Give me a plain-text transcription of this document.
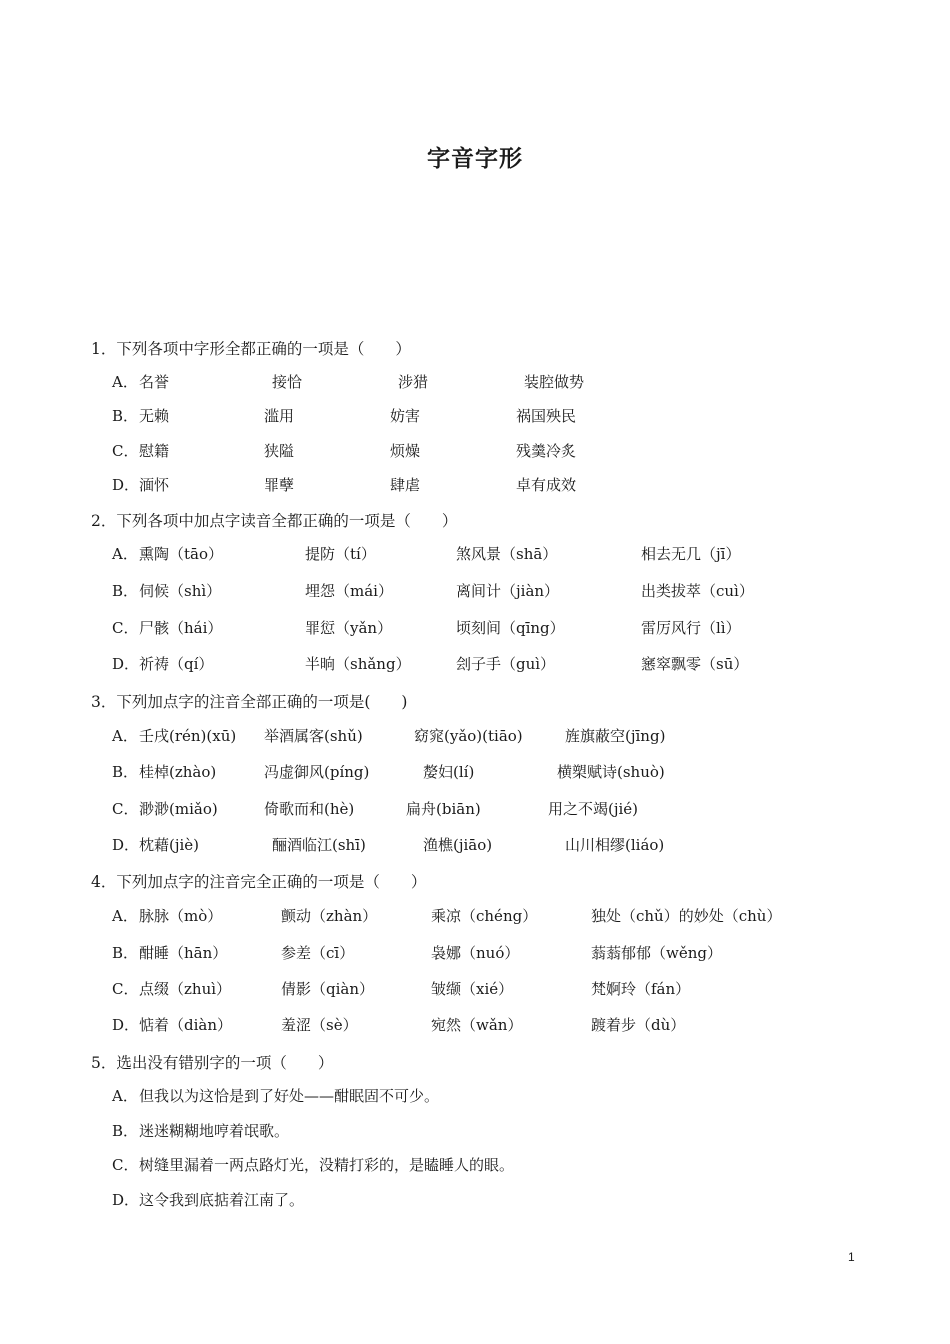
字音字形
1．下列各项中字形全都正确的一项是（　　）
A． 名誉	接恰	涉猎	装腔做势
B． 无赖	滥用	妨害	祸国殃民
C． 慰籍	狭隘	烦燥	残羹冷炙
D． 湎怀	罪孽	肆虐	卓有成效
2．下列各项中加点字读音全都正确的一项是（　　）
A． 熏陶（tāo）	提防（tí）	煞风景（shā）	相去无几（jī）
B． 伺候（shì）	埋怨（mái）	离间计（jiàn）	出类拔萃（cuì）
C． 尸骸（hái）	罪愆（yǎn）	顷刻间（qīng）	雷厉风行（lì）
D． 祈祷（qí）	半晌（shǎng）	刽子手（guì）	窸窣飘零（sū）
3．下列加点字的注音全部正确的一项是(　　)
A． 壬戌(rén)(xū) 举酒属客(shǔ)	窈窕(yǎo)(tiāo)	旌旗蔽空(jīng)
B． 桂棹(zhào)	冯虚御风(píng)	嫠妇(lí)	横槊赋诗(shuò)
C． 渺渺(miǎo)	倚歌而和(hè)	扁舟(biān)	用之不竭(jié)
D． 枕藉(jiè)	酾酒临江(shī)	渔樵(jiāo)	山川相缪(liáo)
4．下列加点字的注音完全正确的一项是（　　）
A． 脉脉（mò）	颤动（zhàn）	乘凉（chéng）	独处（chǔ）的妙处（chù）
B． 酣睡（hān）	参差（cī）	袅娜（nuó）	蓊蓊郁郁（wěng）
C． 点缀（zhuì）	倩影（qiàn）	皱缬（xié）	梵婀玲（fán）
D． 惦着（diàn）	羞涩（sè）	宛然（wǎn）	踱着步（dù）
5．选出没有错别字的一项（　　）
A． 但我以为这恰是到了好处——酣眠固不可少。
B． 迷迷糊糊地哼着氓歌。
C． 树缝里漏着一两点路灯光，没精打彩的，是瞌睡人的眼。
D． 这令我到底掂着江南了。
1
